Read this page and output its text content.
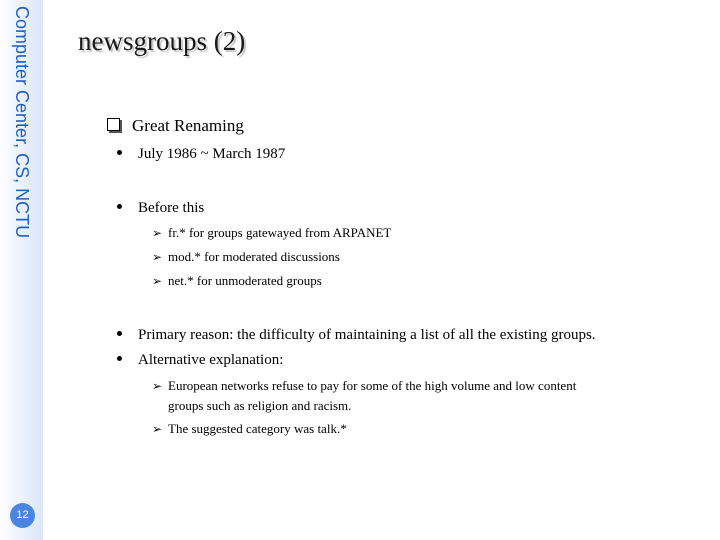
Computer Center, CS, NCTU
12
newsgroups (2)
Great Renaming
July 1986 ~ March 1987
Before this
➢ fr.* for groups gatewayed from ARPANET
➢ mod.* for moderated discussions
➢ net.* for unmoderated groups
Primary reason: the difficulty of maintaining a list of all the existing groups.
Alternative explanation:
➢ European networks refuse to pay for some of the high volume and low content
groups such as religion and racism.
➢ The suggested category was talk.*
